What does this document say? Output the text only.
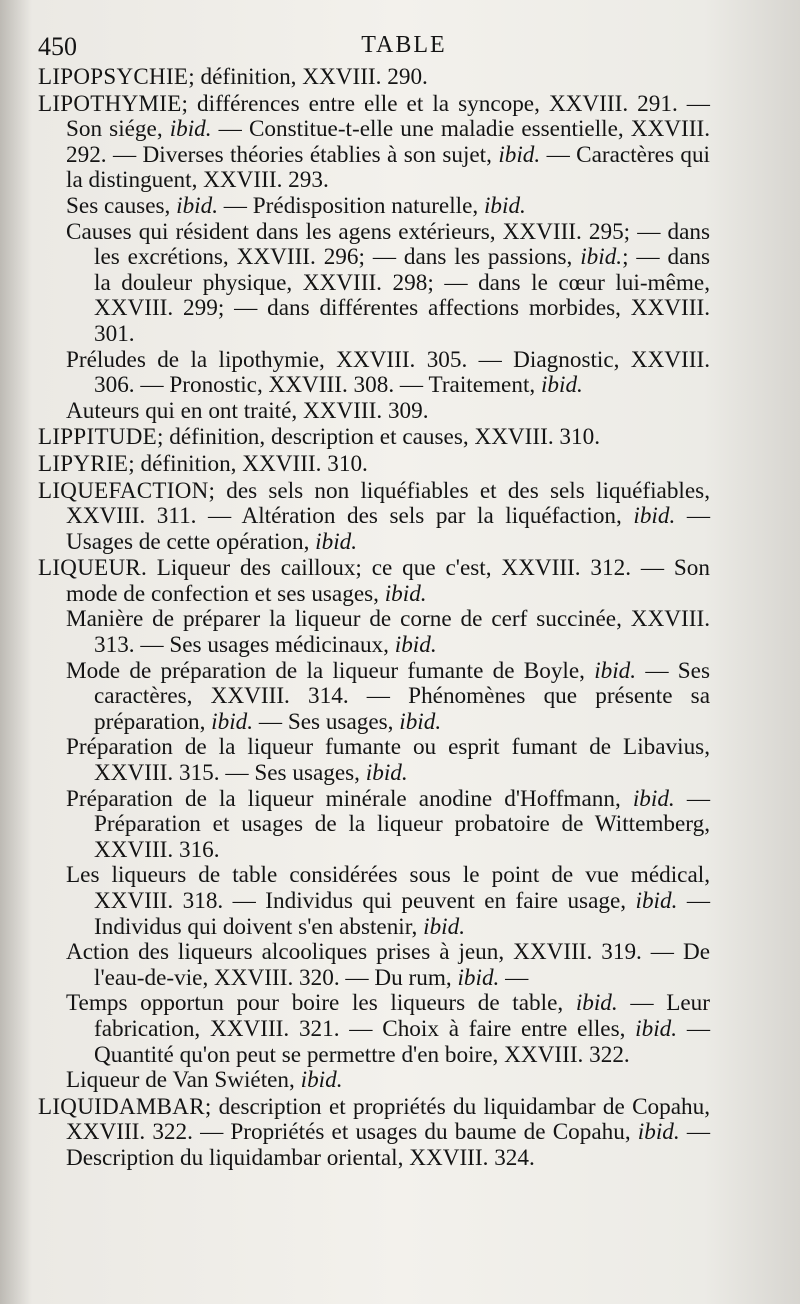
450	TABLE

LIPOPSYCHIE; définition, XXVIII. 290.

LIPOTHYMIE; différences entre elle et la syncope, XXVIII. 291. — Son siége, ibid. — Constitue-t-elle une maladie essentielle, XXVIII. 292. — Diverses théories établies à son sujet, ibid. — Caractères qui la distinguent, XXVIII. 293.

Ses causes, ibid. — Prédisposition naturelle, ibid.

Causes qui résident dans les agens extérieurs, XXVIII. 295; — dans les excrétions, XXVIII. 296; — dans les passions, ibid.; — dans la douleur physique, XXVIII. 298; — dans le cœur lui-même, XXVIII. 299; — dans différentes affections morbides, XXVIII. 301.

Préludes de la lipothymie, XXVIII. 305. — Diagnostic, XXVIII. 306. — Pronostic, XXVIII. 308. — Traitement, ibid.

Auteurs qui en ont traité, XXVIII. 309.

LIPPITUDE; définition, description et causes, XXVIII. 310.

LIPYRIE; définition, XXVIII. 310.

LIQUEFACTION; des sels non liquéfiables et des sels liquéfiables, XXVIII. 311. — Altération des sels par la liquéfaction, ibid. — Usages de cette opération, ibid.

LIQUEUR. Liqueur des cailloux; ce que c'est, XXVIII. 312. — Son mode de confection et ses usages, ibid.

Manière de préparer la liqueur de corne de cerf succinée, XXVIII. 313. — Ses usages médicinaux, ibid.

Mode de préparation de la liqueur fumante de Boyle, ibid. — Ses caractères, XXVIII. 314. — Phénomènes que présente sa préparation, ibid. — Ses usages, ibid.

Préparation de la liqueur fumante ou esprit fumant de Libavius, XXVIII. 315. — Ses usages, ibid.

Préparation de la liqueur minérale anodine d'Hoffmann, ibid. — Préparation et usages de la liqueur probatoire de Wittemberg, XXVIII. 316.

Les liqueurs de table considérées sous le point de vue médical, XXVIII. 318. — Individus qui peuvent en faire usage, ibid. — Individus qui doivent s'en abstenir, ibid.

Action des liqueurs alcooliques prises à jeun, XXVIII. 319. — De l'eau-de-vie, XXVIII. 320. — Du rum, ibid. —

Temps opportun pour boire les liqueurs de table, ibid. — Leur fabrication, XXVIII. 321. — Choix à faire entre elles, ibid. — Quantité qu'on peut se permettre d'en boire, XXVIII. 322.

Liqueur de Van Swiéten, ibid.

LIQUIDAMBAR; description et propriétés du liquidambar de Copahu, XXVIII. 322. — Propriétés et usages du baume de Copahu, ibid. — Description du liquidambar oriental, XXVIII. 324.
